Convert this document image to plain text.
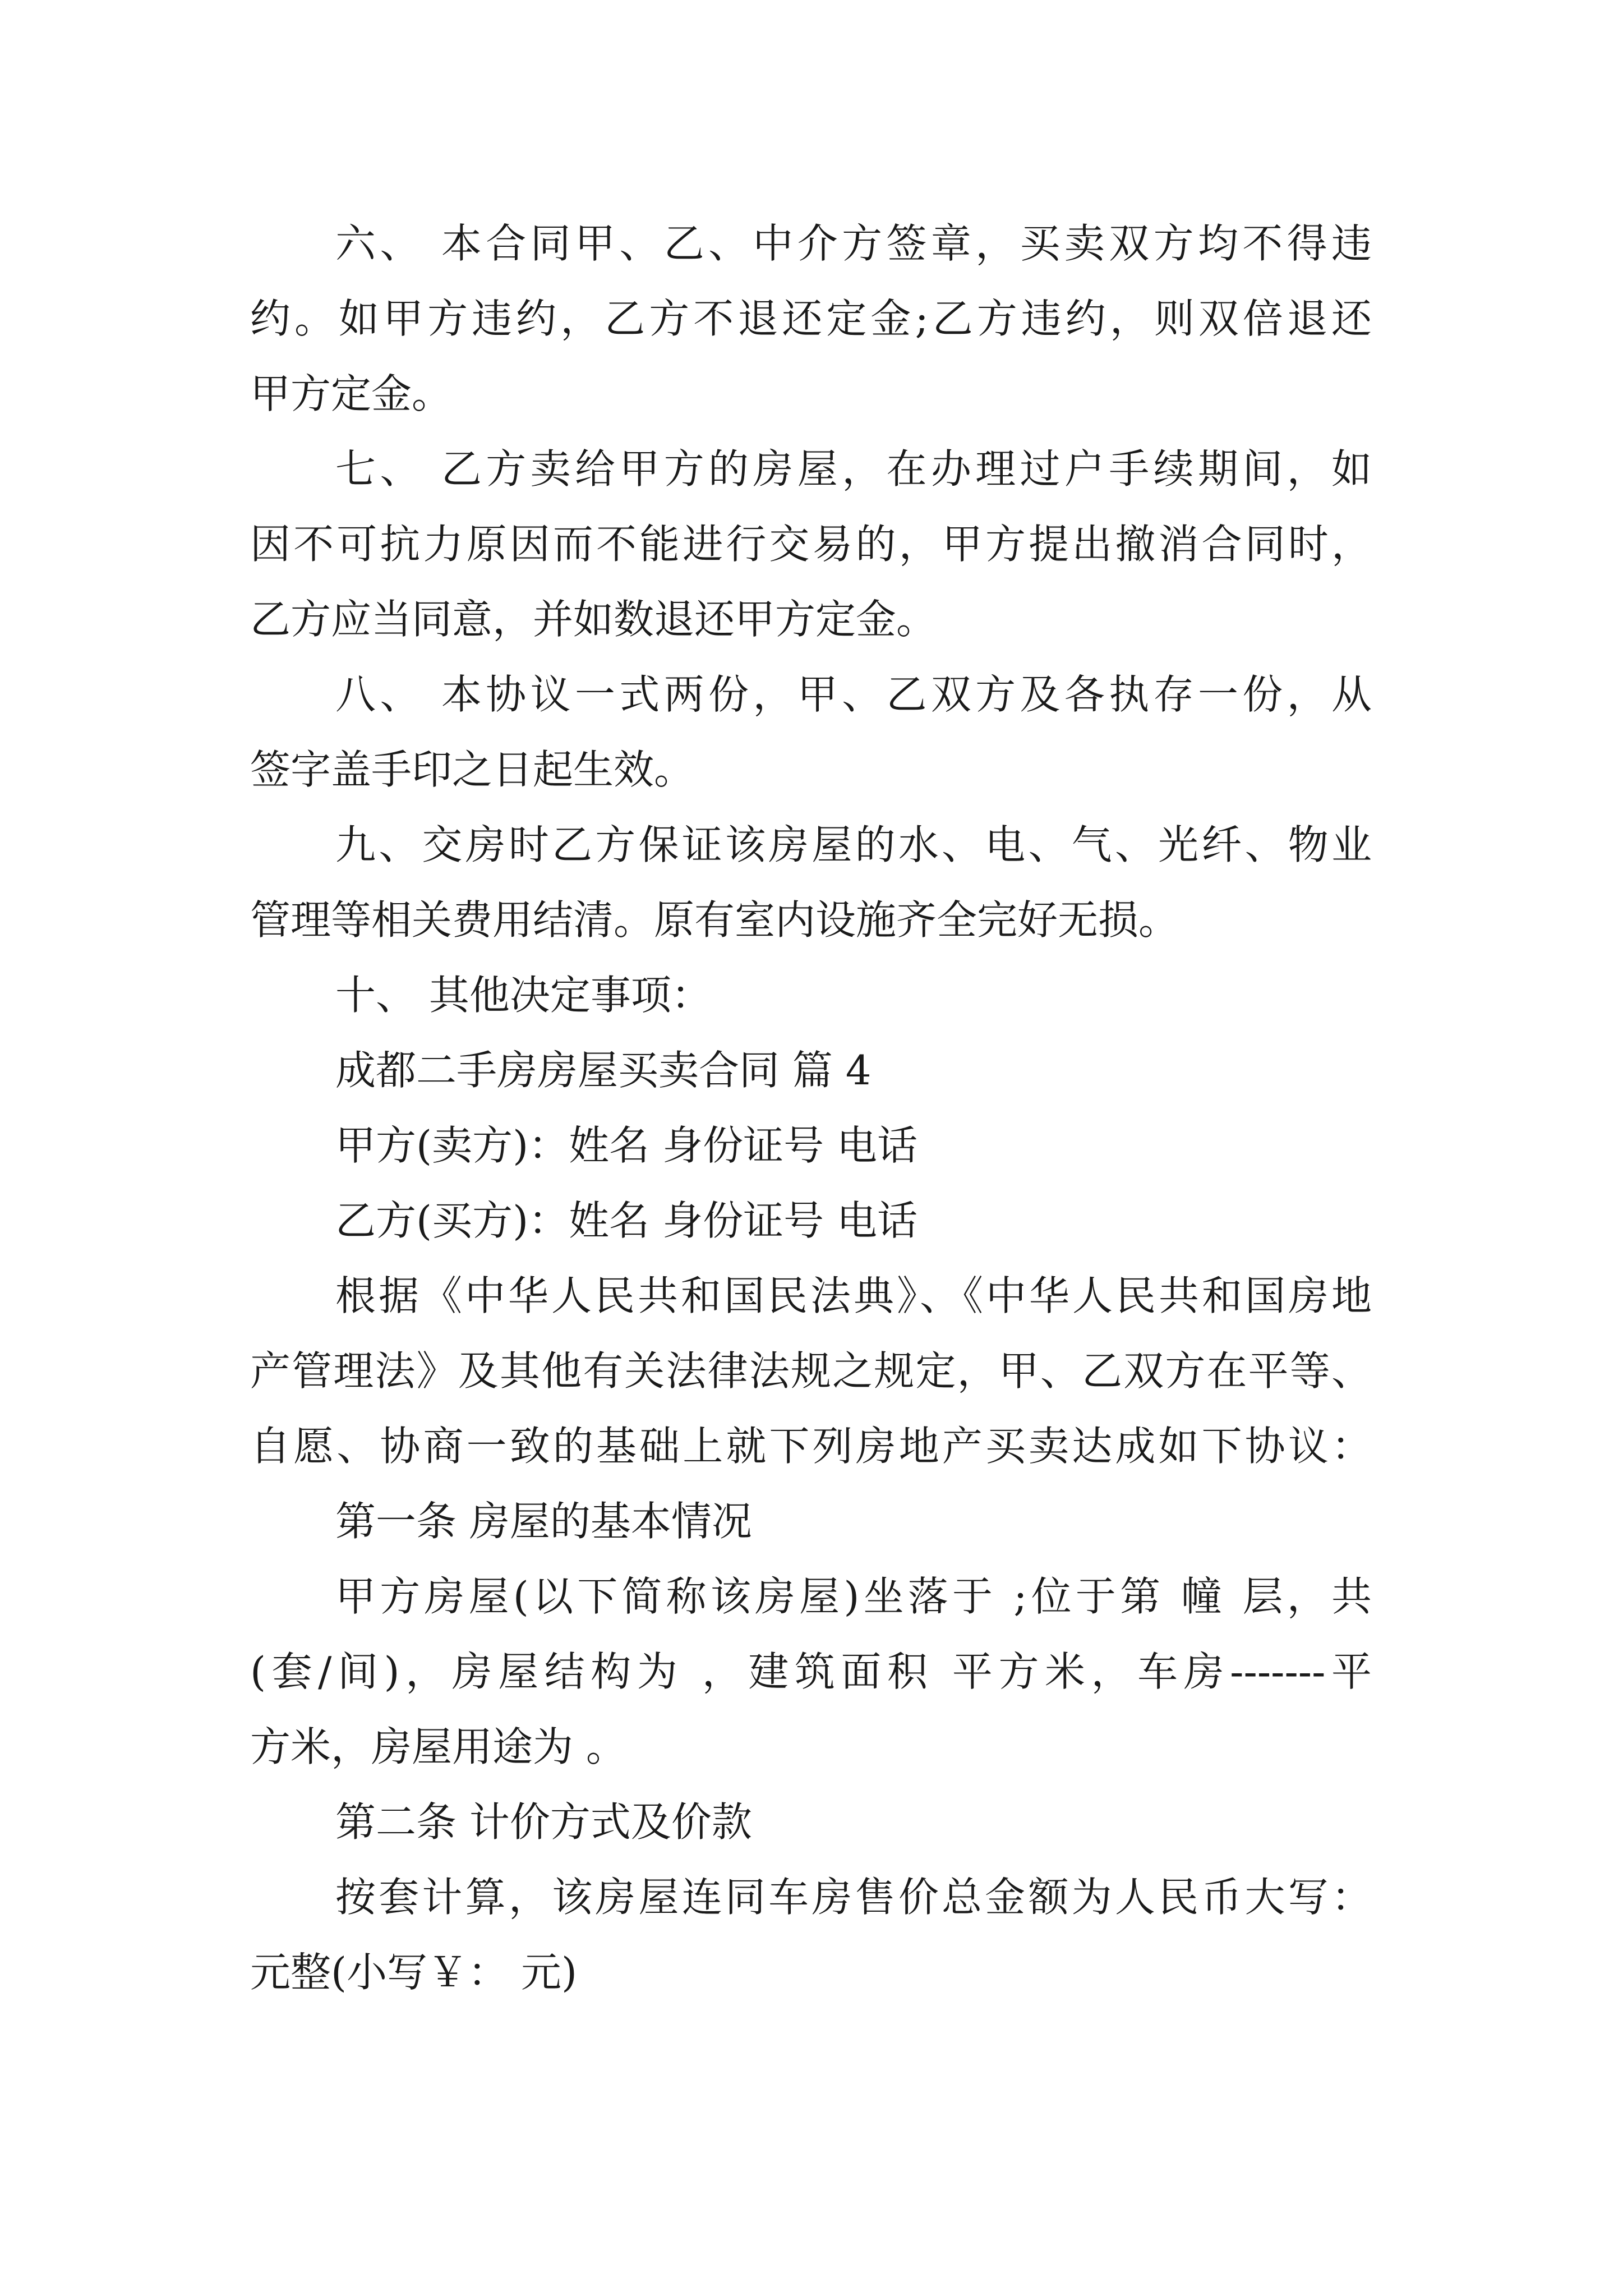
六、 本合同甲、乙、中介方签章，买卖双方均不得违

约。如甲方违约，乙方不退还定金;乙方违约，则双倍退还

甲方定金。

七、 乙方卖给甲方的房屋，在办理过户手续期间，如

因不可抗力原因而不能进行交易的，甲方提出撤消合同时，

乙方应当同意，并如数退还甲方定金。

八、 本协议一式两份，甲、乙双方及各执存一份，从

签字盖手印之日起生效。

九、交房时乙方保证该房屋的水、电、气、光纤、物业

管理等相关费用结清。原有室内设施齐全完好无损。

十、 其他决定事项：

成都二手房房屋买卖合同 篇 4

甲方(卖方)：姓名 身份证号 电话

乙方(买方)：姓名 身份证号 电话

根据《中华人民共和国民法典》、《中华人民共和国房地

产管理法》及其他有关法律法规之规定，甲、乙双方在平等、

自愿、协商一致的基础上就下列房地产买卖达成如下协议：

第一条 房屋的基本情况

甲方房屋(以下简称该房屋)坐落于 ;位于第 幢 层，共

(套/间)，房屋结构为 ，建筑面积 平方米，车房-------平

方米，房屋用途为 。

第二条 计价方式及价款

按套计算，该房屋连同车房售价总金额为人民币大写：

元整(小写￥： 元)
